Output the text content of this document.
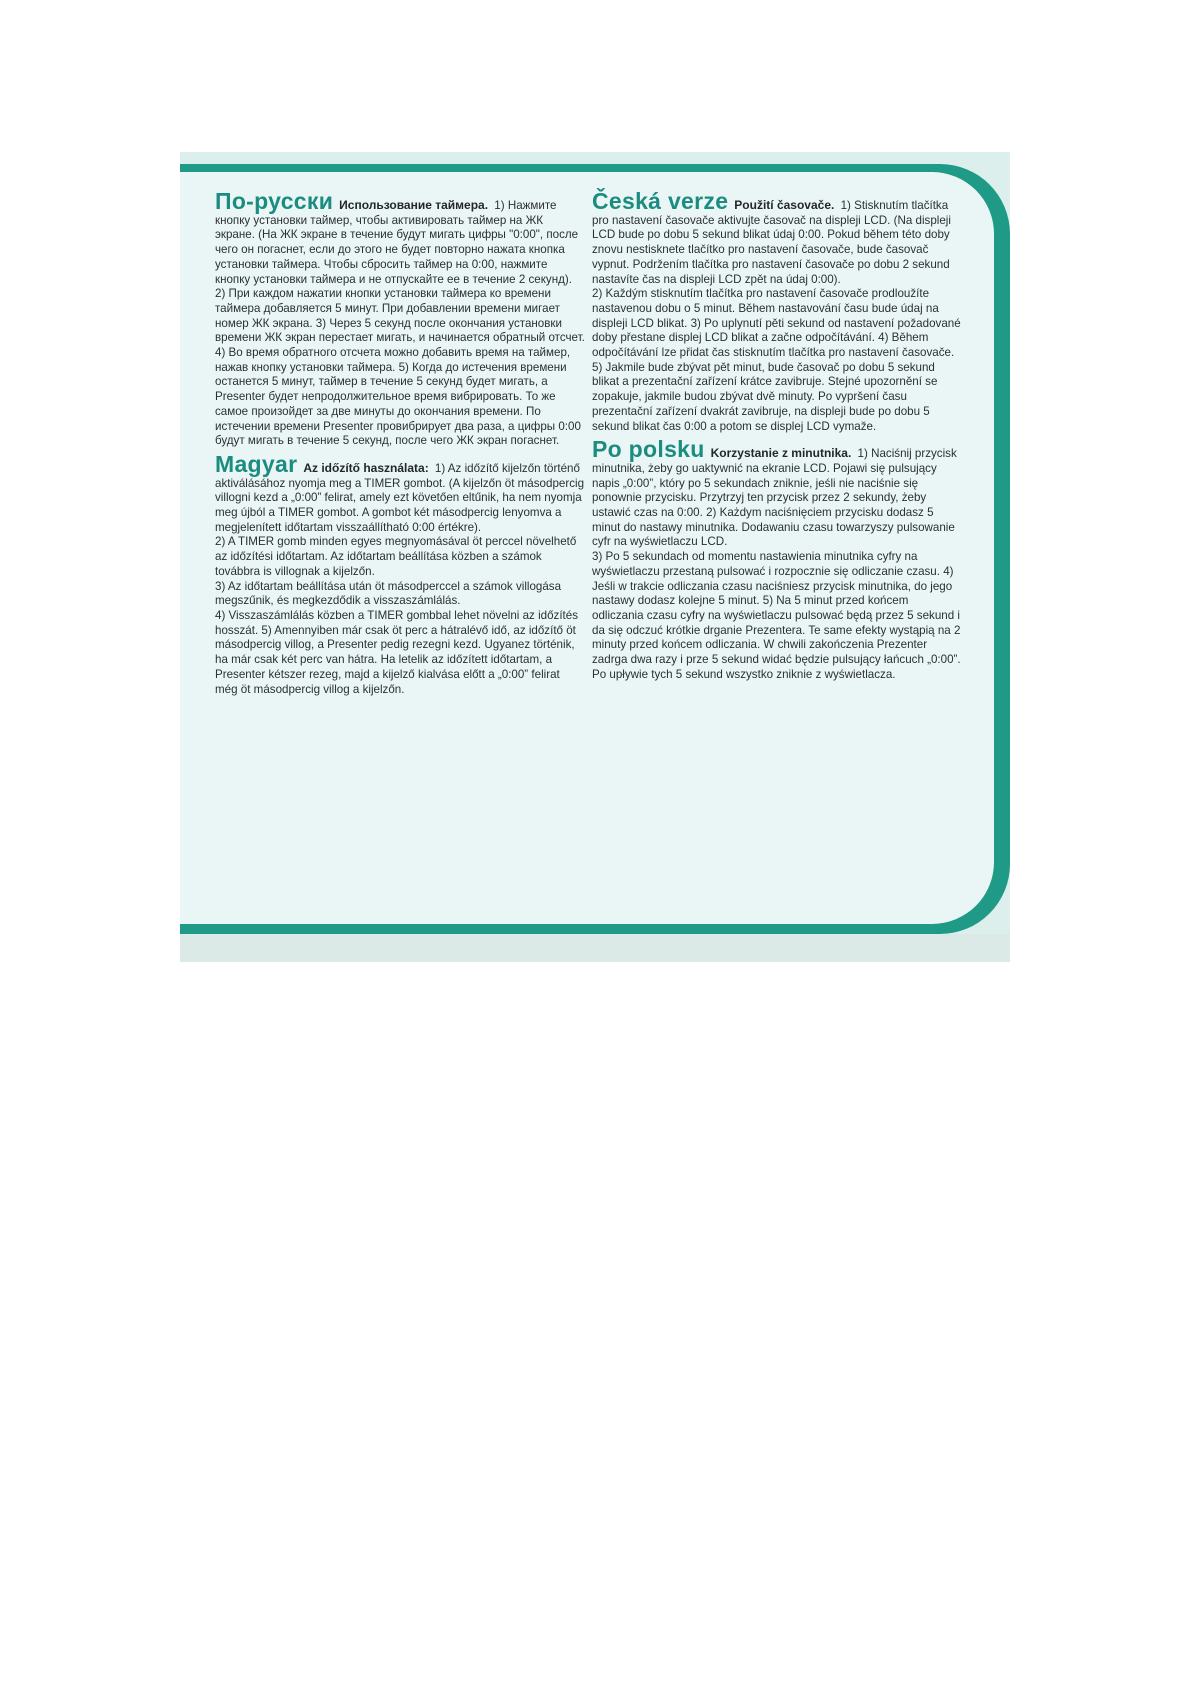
По-русски Использование таймера. 1) Нажмите кнопку установки таймер, чтобы активировать таймер на ЖК экране. (На ЖК экране в течение будут мигать цифры "0:00", после чего он погаснет, если до этого не будет повторно нажата кнопка установки таймера. Чтобы сбросить таймер на 0:00, нажмите кнопку установки таймера и не отпускайте ее в течение 2 секунд). 2) При каждом нажатии кнопки установки таймера ко времени таймера добавляется 5 минут. При добавлении времени мигает номер ЖК экрана. 3) Через 5 секунд после окончания установки времени ЖК экран перестает мигать, и начинается обратный отсчет.

4) Во время обратного отсчета можно добавить время на таймер, нажав кнопку установки таймера. 5) Когда до истечения времени останется 5 минут, таймер в течение 5 секунд будет мигать, а Presenter будет непродолжительное время вибрировать. То же самое произойдет за две минуты до окончания времени. По истечении времени Presenter провибрирует два раза, а цифры 0:00 будут мигать в течение 5 секунд, после чего ЖК экран погаснет.

Magyar Az időzítő használata: 1) Az időzítő kijelzőn történő aktiválásához nyomja meg a TIMER gombot. (A kijelzőn öt másodpercig villogni kezd a „0:00” felirat, amely ezt követően eltűnik, ha nem nyomja meg újból a TIMER gombot. A gombot két másodpercig lenyomva a megjelenített időtartam visszaállítható 0:00 értékre).

2) A TIMER gomb minden egyes megnyomásával öt perccel növelhető az időzítési időtartam. Az időtartam beállítása közben a számok továbbra is villognak a kijelzőn.

3) Az időtartam beállítása után öt másodperccel a számok villogása megszűnik, és megkezdődik a visszaszámlálás.

4) Visszaszámlálás közben a TIMER gombbal lehet növelni az időzítés hosszát. 5) Amennyiben már csak öt perc a hátralévő idő, az időzítő öt másodpercig villog, a Presenter pedig rezegni kezd. Ugyanez történik, ha már csak két perc van hátra. Ha letelik az időzített időtartam, a Presenter kétszer rezeg, majd a kijelző kialvása előtt a „0:00” felirat még öt másodpercig villog a kijelzőn.

Česká verze Použití časovače. 1) Stisknutím tlačítka pro nastavení časovače aktivujte časovač na displeji LCD. (Na displeji LCD bude po dobu 5 sekund blikat údaj 0:00. Pokud během této doby znovu nestisknete tlačítko pro nastavení časovače, bude časovač vypnut. Podržením tlačítka pro nastavení časovače po dobu 2 sekund nastavíte čas na displeji LCD zpět na údaj 0:00).

2) Každým stisknutím tlačítka pro nastavení časovače prodloužíte nastavenou dobu o 5 minut. Během nastavování času bude údaj na displeji LCD blikat. 3) Po uplynutí pěti sekund od nastavení požadované doby přestane displej LCD blikat a začne odpočítávání. 4) Během odpočítávání lze přidat čas stisknutím tlačítka pro nastavení časovače.

5) Jakmile bude zbývat pět minut, bude časovač po dobu 5 sekund blikat a prezentační zařízení krátce zavibruje. Stejné upozornění se zopakuje, jakmile budou zbývat dvě minuty. Po vypršení času prezentační zařízení dvakrát zavibruje, na displeji bude po dobu 5 sekund blikat čas 0:00 a potom se displej LCD vymaže.

Po polsku Korzystanie z minutnika. 1) Naciśnij przycisk minutnika, żeby go uaktywnić na ekranie LCD. Pojawi się pulsujący napis „0:00”, który po 5 sekundach zniknie, jeśli nie naciśnie się ponownie przycisku. Przytrzyj ten przycisk przez 2 sekundy, żeby ustawić czas na 0:00. 2) Każdym naciśnięciem przycisku dodasz 5 minut do nastawy minutnika. Dodawaniu czasu towarzyszy pulsowanie cyfr na wyświetlaczu LCD.

3) Po 5 sekundach od momentu nastawienia minutnika cyfry na wyświetlaczu przestaną pulsować i rozpocznie się odliczanie czasu. 4) Jeśli w trakcie odliczania czasu naciśniesz przycisk minutnika, do jego nastawy dodasz kolejne 5 minut. 5) Na 5 minut przed końcem odliczania czasu cyfry na wyświetlaczu pulsować będą przez 5 sekund i da się odczuć krótkie drganie Prezentera. Te same efekty wystąpią na 2 minuty przed końcem odliczania. W chwili zakończenia Prezenter zadrga dwa razy i prze 5 sekund widać będzie pulsujący łańcuch „0:00”. Po upływie tych 5 sekund wszystko zniknie z wyświetlacza.
